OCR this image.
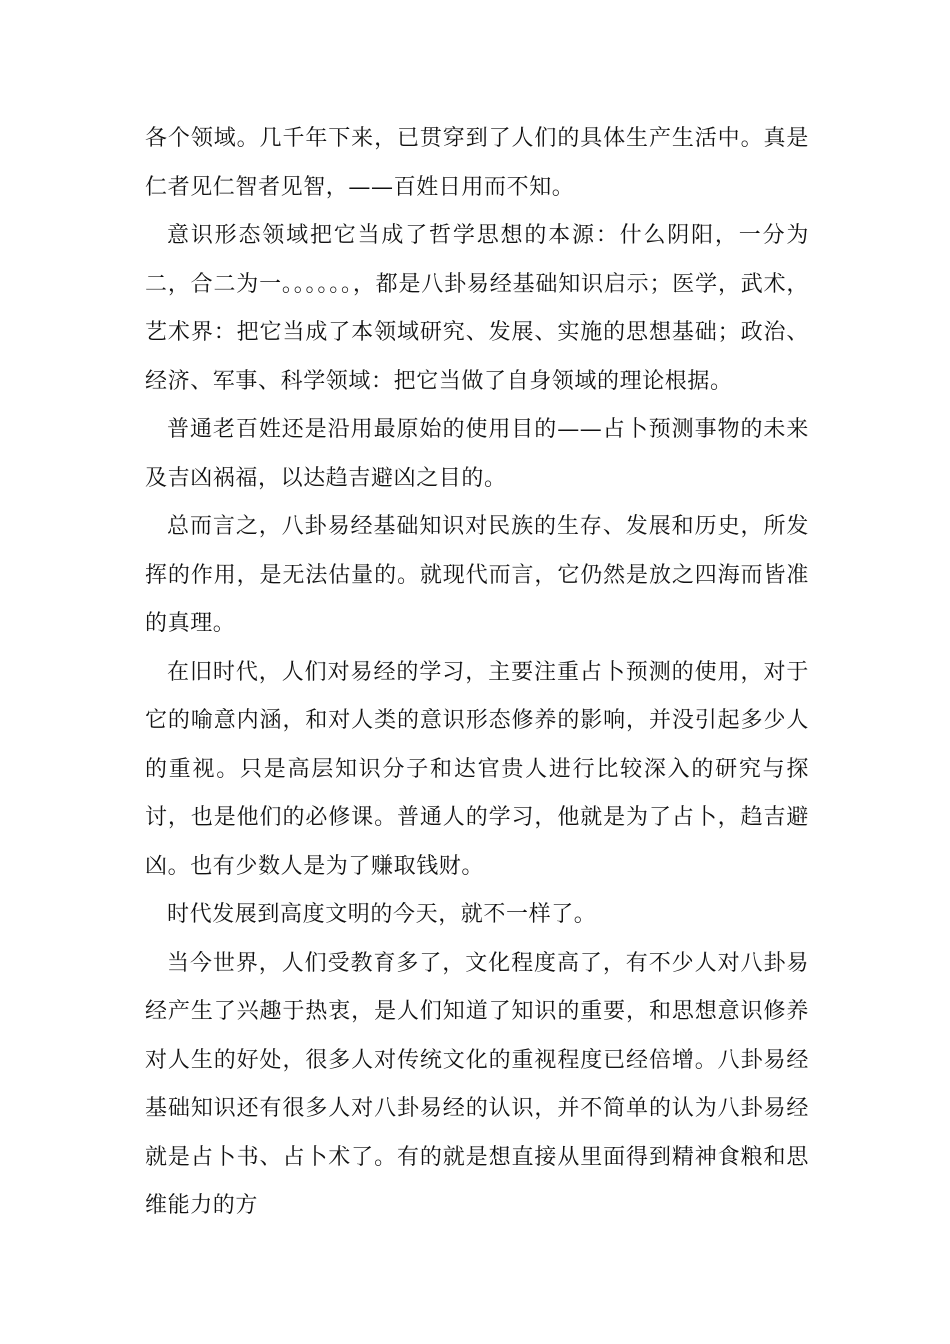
各个领域。几千年下来，已贯穿到了人们的具体生产生活中。真是仁者见仁智者见智，——百姓日用而不知。

意识形态领域把它当成了哲学思想的本源：什么阴阳，一分为二，合二为一。。。。。。，都是八卦易经基础知识启示；医学，武术，艺术界：把它当成了本领域研究、发展、实施的思想基础；政治、经济、军事、科学领域：把它当做了自身领域的理论根据。

普通老百姓还是沿用最原始的使用目的——占卜预测事物的未来及吉凶祸福，以达趋吉避凶之目的。

总而言之，八卦易经基础知识对民族的生存、发展和历史，所发挥的作用，是无法估量的。就现代而言，它仍然是放之四海而皆准的真理。

在旧时代，人们对易经的学习，主要注重占卜预测的使用，对于它的喻意内涵，和对人类的意识形态修养的影响，并没引起多少人的重视。只是高层知识分子和达官贵人进行比较深入的研究与探讨，也是他们的必修课。普通人的学习，他就是为了占卜，趋吉避凶。也有少数人是为了赚取钱财。

时代发展到高度文明的今天，就不一样了。

当今世界，人们受教育多了，文化程度高了，有不少人对八卦易经产生了兴趣于热衷，是人们知道了知识的重要，和思想意识修养对人生的好处，很多人对传统文化的重视程度已经倍增。八卦易经基础知识还有很多人对八卦易经的认识，并不简单的认为八卦易经就是占卜书、占卜术了。有的就是想直接从里面得到精神食粮和思维能力的方
